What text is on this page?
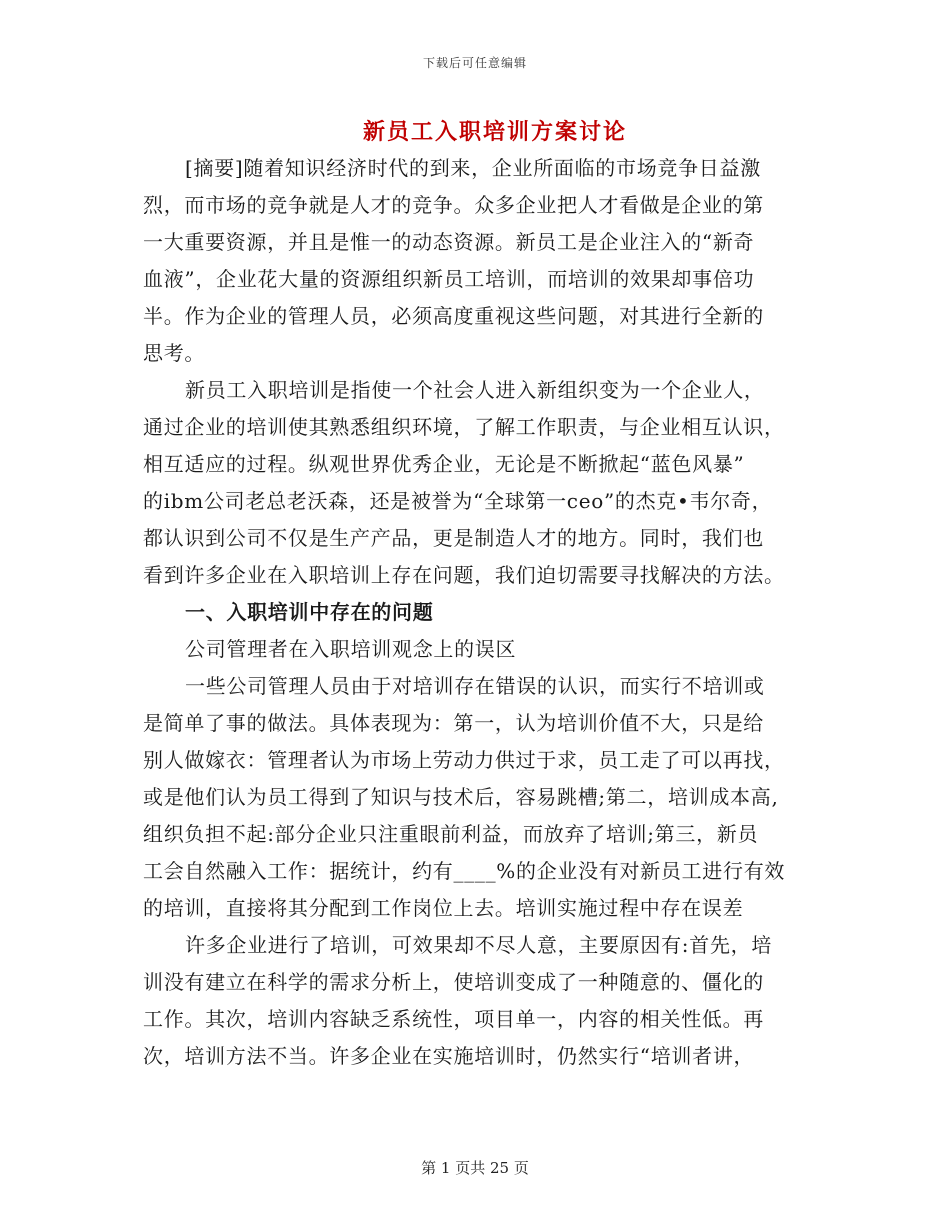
下载后可任意编辑
新员工入职培训方案讨论
[摘要]随着知识经济时代的到来，企业所面临的市场竞争日益激
烈，而市场的竞争就是人才的竞争。众多企业把人才看做是企业的第
一大重要资源，并且是惟一的动态资源。新员工是企业注入的“新奇
血液”，企业花大量的资源组织新员工培训，而培训的效果却事倍功
半。作为企业的管理人员，必须高度重视这些问题，对其进行全新的
思考。
新员工入职培训是指使一个社会人进入新组织变为一个企业人，
通过企业的培训使其熟悉组织环境，了解工作职责，与企业相互认识，
相互适应的过程。纵观世界优秀企业，无论是不断掀起“蓝色风暴”
的ibm公司老总老沃森，还是被誉为“全球第一ceo”的杰克•韦尔奇，
都认识到公司不仅是生产产品，更是制造人才的地方。同时，我们也
看到许多企业在入职培训上存在问题，我们迫切需要寻找解决的方法。
一、入职培训中存在的问题
公司管理者在入职培训观念上的误区
一些公司管理人员由于对培训存在错误的认识，而实行不培训或
是简单了事的做法。具体表现为：第一，认为培训价值不大，只是给
别人做嫁衣：管理者认为市场上劳动力供过于求，员工走了可以再找，
或是他们认为员工得到了知识与技术后，容易跳槽;第二，培训成本高,
组织负担不起:部分企业只注重眼前利益，而放弃了培训;第三，新员
工会自然融入工作：据统计，约有____%的企业没有对新员工进行有效
的培训，直接将其分配到工作岗位上去。培训实施过程中存在误差
许多企业进行了培训，可效果却不尽人意，主要原因有:首先，培
训没有建立在科学的需求分析上，使培训变成了一种随意的、僵化的
工作。其次，培训内容缺乏系统性，项目单一，内容的相关性低。再
次，培训方法不当。许多企业在实施培训时，仍然实行“培训者讲，
第 1 页共 25 页
